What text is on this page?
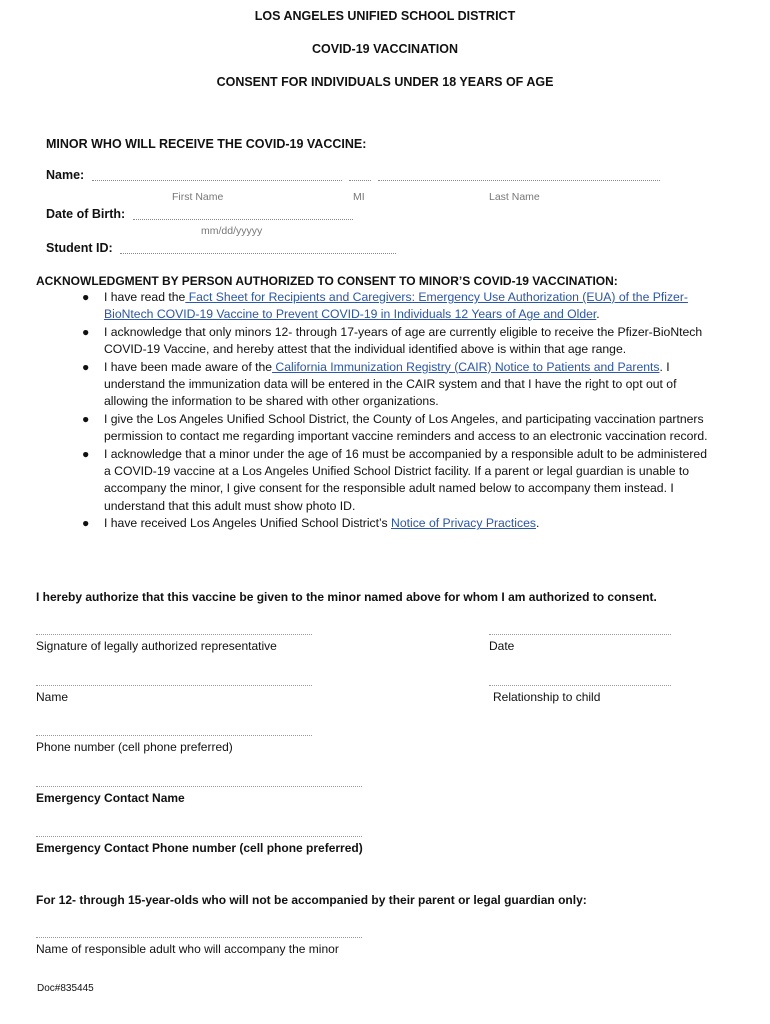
LOS ANGELES UNIFIED SCHOOL DISTRICT
COVID-19 VACCINATION
CONSENT FOR INDIVIDUALS UNDER 18 YEARS OF AGE
MINOR WHO WILL RECEIVE THE COVID-19 VACCINE:
Name:
First Name	MI	Last Name
Date of Birth:
mm/dd/yyyyy
Student ID:
ACKNOWLEDGMENT BY PERSON AUTHORIZED TO CONSENT TO MINOR’S COVID-19 VACCINATION:
●	I have read the Fact Sheet for Recipients and Caregivers: Emergency Use Authorization (EUA) of the Pfizer-BioNtech COVID-19 Vaccine to Prevent COVID-19 in Individuals 12 Years of Age and Older.
●	I acknowledge that only minors 12- through 17-years of age are currently eligible to receive the Pfizer-BioNtech COVID-19 Vaccine, and hereby attest that the individual identified above is within that age range.
●	I have been made aware of the California Immunization Registry (CAIR) Notice to Patients and Parents. I understand the immunization data will be entered in the CAIR system and that I have the right to opt out of allowing the information to be shared with other organizations.
●	I give the Los Angeles Unified School District, the County of Los Angeles, and participating vaccination partners permission to contact me regarding important vaccine reminders and access to an electronic vaccination record.
●	I acknowledge that a minor under the age of 16 must be accompanied by a responsible adult to be administered a COVID-19 vaccine at a Los Angeles Unified School District facility. If a parent or legal guardian is unable to accompany the minor, I give consent for the responsible adult named below to accompany them instead. I understand that this adult must show photo ID.
●	I have received Los Angeles Unified School District’s Notice of Privacy Practices.
I hereby authorize that this vaccine be given to the minor named above for whom I am authorized to consent.
Signature of legally authorized representative	Date
Name	Relationship to child
Phone number (cell phone preferred)
Emergency Contact Name
Emergency Contact Phone number (cell phone preferred)
For 12- through 15-year-olds who will not be accompanied by their parent or legal guardian only:
Name of responsible adult who will accompany the minor
Doc#835445
